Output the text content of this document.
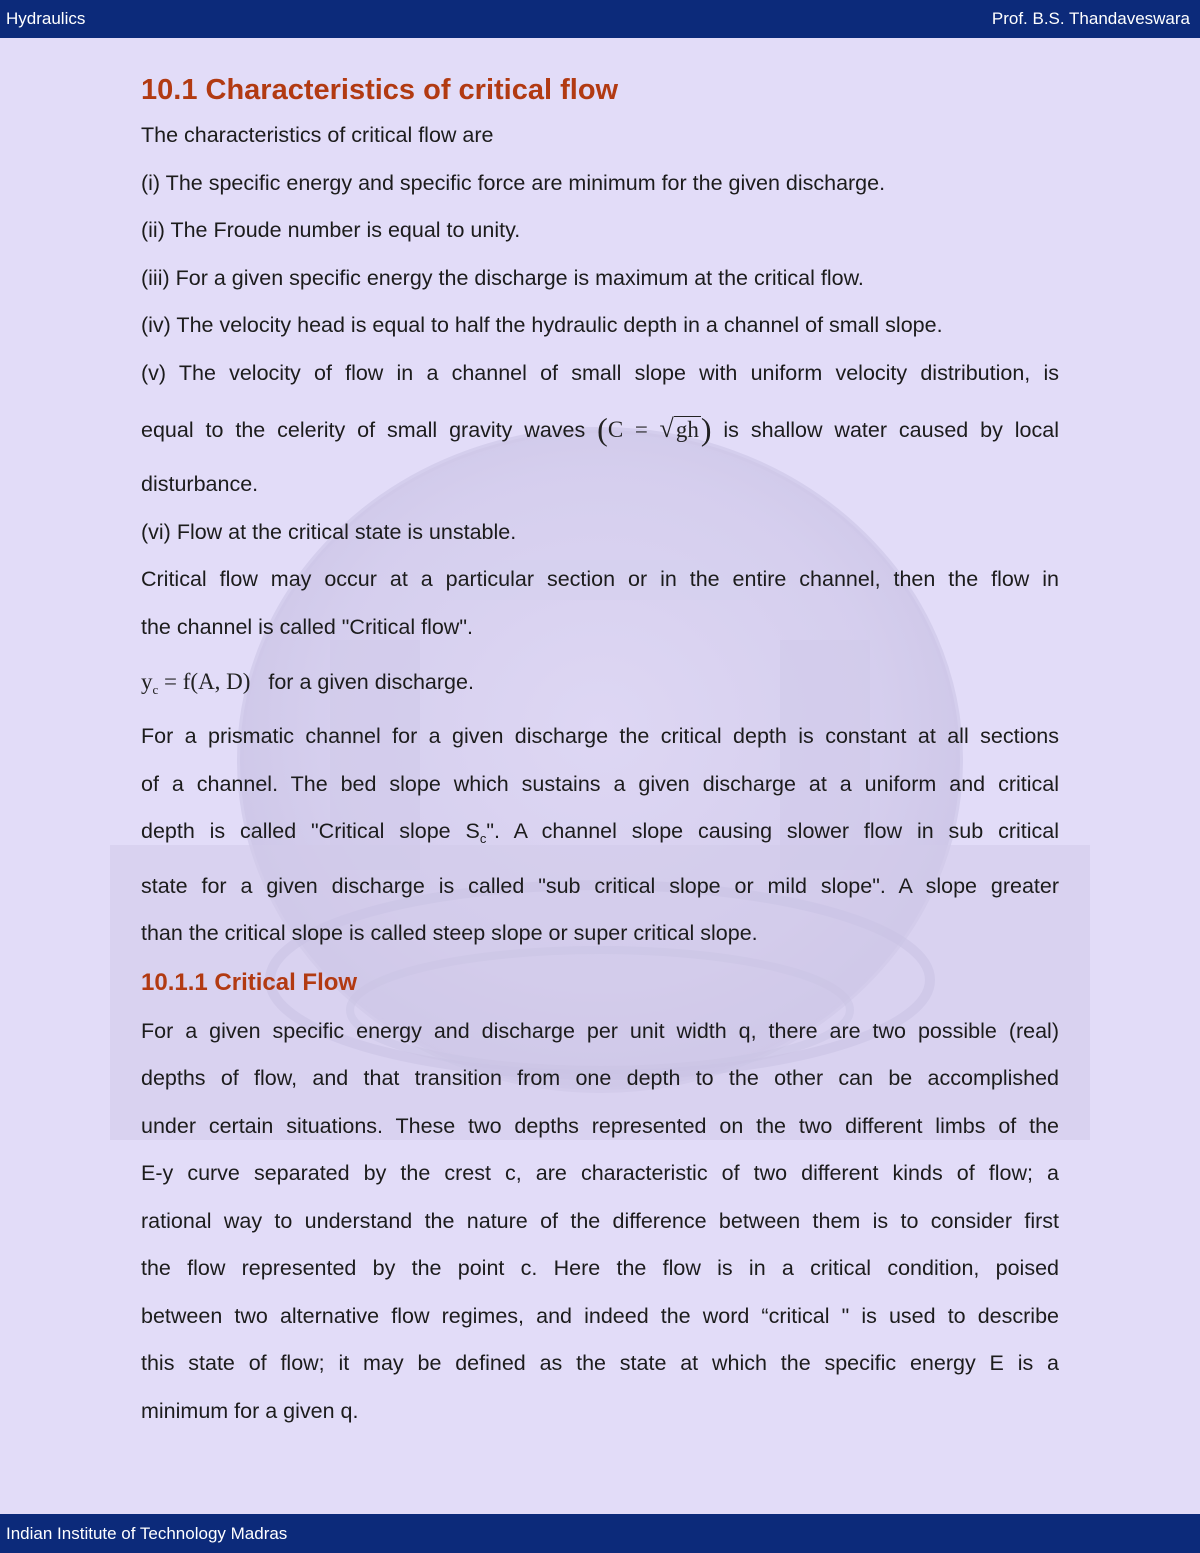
Hydraulics	Prof. B.S. Thandaveswara

10.1 Characteristics of critical flow

The characteristics of critical flow are

(i) The specific energy and specific force are minimum for the given discharge.

(ii) The Froude number is equal to unity.

(iii) For a given specific energy the discharge is maximum at the critical flow.

(iv) The velocity head is equal to half the hydraulic depth in a channel of small slope.

(v) The velocity of flow in a channel of small slope with uniform velocity distribution, is

equal to the celerity of small gravity waves (C = √gh) is shallow water caused by local

disturbance.

(vi) Flow at the critical state is unstable.

Critical flow may occur at a particular section or in the entire channel, then the flow in

the channel is called "Critical flow".

$y_c = f(A$, D) for a given discharge.

For a prismatic channel for a given discharge the critical depth is constant at all sections

of a channel. The bed slope which sustains a given discharge at a uniform and critical

depth is called "Critical slope $S_c$". A channel slope causing slower flow in sub critical

state for a given discharge is called "sub critical slope or mild slope". A slope greater

than the critical slope is called steep slope or super critical slope.

10.1.1 Critical Flow

For a given specific energy and discharge per unit width q, there are two possible (real)

depths of flow, and that transition from one depth to the other can be accomplished

under certain situations. These two depths represented on the two different limbs of the

E-y curve separated by the crest c, are characteristic of two different kinds of flow; a

rational way to understand the nature of the difference between them is to consider first

the flow represented by the point c. Here the flow is in a critical condition, poised

between two alternative flow regimes, and indeed the word “critical " is used to describe

this state of flow; it may be defined as the state at which the specific energy E is a

minimum for a given q.

Indian Institute of Technology Madras
